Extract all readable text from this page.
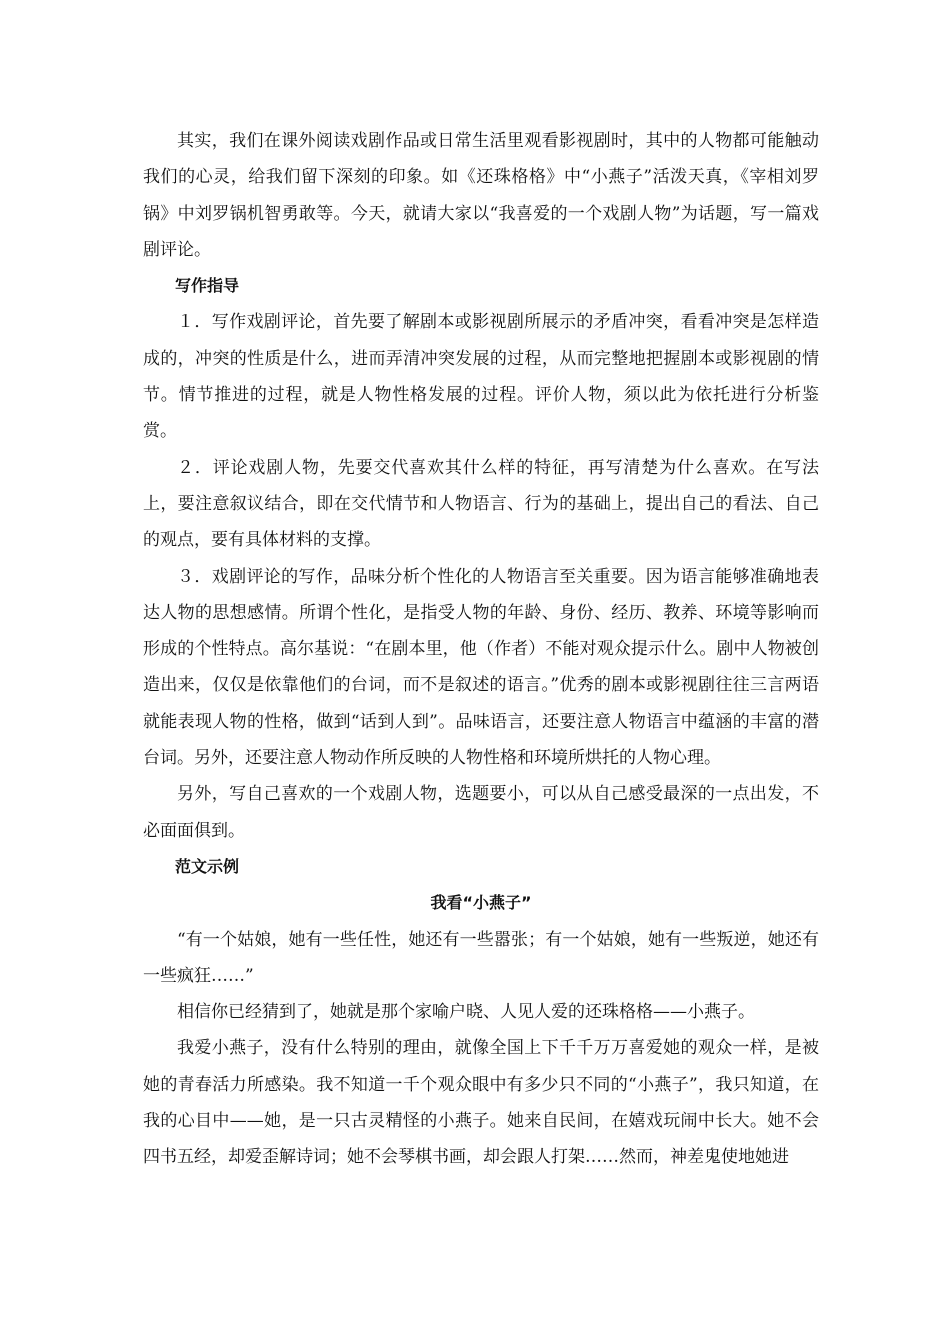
其实，我们在课外阅读戏剧作品或日常生活里观看影视剧时，其中的人物都可能触动我们的心灵，给我们留下深刻的印象。如《还珠格格》中“小燕子”活泼天真，《宰相刘罗锅》中刘罗锅机智勇敢等。今天，就请大家以“我喜爱的一个戏剧人物”为话题，写一篇戏剧评论。

写作指导

１．写作戏剧评论，首先要了解剧本或影视剧所展示的矛盾冲突，看看冲突是怎样造成的，冲突的性质是什么，进而弄清冲突发展的过程，从而完整地把握剧本或影视剧的情节。情节推进的过程，就是人物性格发展的过程。评价人物，须以此为依托进行分析鉴赏。

２．评论戏剧人物，先要交代喜欢其什么样的特征，再写清楚为什么喜欢。在写法上，要注意叙议结合，即在交代情节和人物语言、行为的基础上，提出自己的看法、自己的观点，要有具体材料的支撑。

３．戏剧评论的写作，品味分析个性化的人物语言至关重要。因为语言能够准确地表达人物的思想感情。所谓个性化，是指受人物的年龄、身份、经历、教养、环境等影响而形成的个性特点。高尔基说：“在剧本里，他（作者）不能对观众提示什么。剧中人物被创造出来，仅仅是依靠他们的台词，而不是叙述的语言。”优秀的剧本或影视剧往往三言两语就能表现人物的性格，做到“话到人到”。品味语言，还要注意人物语言中蕴涵的丰富的潜台词。另外，还要注意人物动作所反映的人物性格和环境所烘托的人物心理。

另外，写自己喜欢的一个戏剧人物，选题要小，可以从自己感受最深的一点出发，不必面面俱到。

范文示例

我看“小燕子”

“有一个姑娘，她有一些任性，她还有一些嚣张；有一个姑娘，她有一些叛逆，她还有一些疯狂……”

相信你已经猜到了，她就是那个家喻户晓、人见人爱的还珠格格——小燕子。

我爱小燕子，没有什么特别的理由，就像全国上下千千万万喜爱她的观众一样，是被她的青春活力所感染。我不知道一千个观众眼中有多少只不同的“小燕子”，我只知道，在我的心目中——她，是一只古灵精怪的小燕子。她来自民间，在嬉戏玩闹中长大。她不会四书五经，却爱歪解诗词；她不会琴棋书画，却会跟人打架……然而，神差鬼使地她进
